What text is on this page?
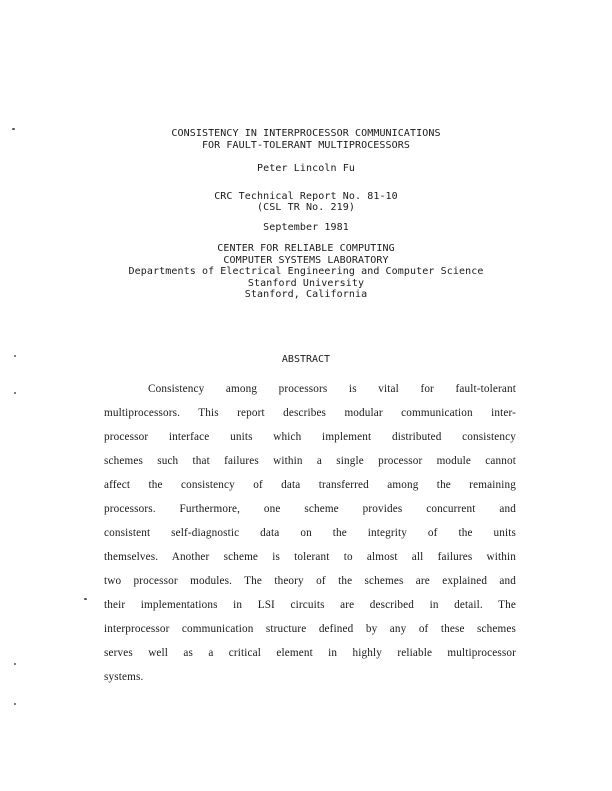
CONSISTENCY IN INTERPROCESSOR COMMUNICATIONS
FOR FAULT-TOLERANT MULTIPROCESSORS
Peter Lincoln Fu
CRC Technical Report No. 81-10
(CSL TR No. 219)
September 1981
CENTER FOR RELIABLE COMPUTING
COMPUTER SYSTEMS LABORATORY
Departments of Electrical Engineering and Computer Science
Stanford University
Stanford, California
ABSTRACT
Consistency among processors is vital for fault-tolerant
multiprocessors. This report describes modular communication inter-
processor interface units which implement distributed consistency
schemes such that failures within a single processor module cannot
affect the consistency of data transferred among the remaining
processors. Furthermore, one scheme provides concurrent and
consistent self-diagnostic data on the integrity of the units
themselves. Another scheme is tolerant to almost all failures within
two processor modules. The theory of the schemes are explained and
their implementations in LSI circuits are described in detail. The
interprocessor communication structure defined by any of these schemes
serves well as a critical element in highly reliable multiprocessor
systems.
